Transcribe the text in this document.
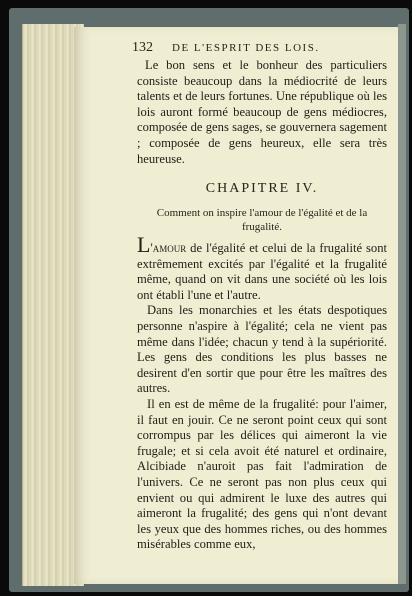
132 DE L'ESPRIT DES LOIS.

Le bon sens et le bonheur des particuliers consiste beaucoup dans la médiocrité de leurs talents et de leurs fortunes. Une république où les lois auront formé beaucoup de gens médiocres, composée de gens sages, se gouvernera sagement ; composée de gens heureux, elle sera très heureuse.

CHAPITRE IV.
Comment on inspire l'amour de l'égalité et de la frugalité.

L'amour de l'égalité et celui de la frugalité sont extrêmement excités par l'égalité et la frugalité même, quand on vit dans une société où les lois ont établi l'une et l'autre.

Dans les monarchies et les états despotiques personne n'aspire à l'égalité; cela ne vient pas même dans l'idée; chacun y tend à la supériorité. Les gens des conditions les plus basses ne desirent d'en sortir que pour être les maîtres des autres.

Il en est de même de la frugalité: pour l'aimer, il faut en jouir. Ce ne seront point ceux qui sont corrompus par les délices qui aimeront la vie frugale; et si cela avoit été naturel et ordinaire, Alcibiade n'auroit pas fait l'admiration de l'univers. Ce ne seront pas non plus ceux qui envient ou qui admirent le luxe des autres qui aimeront la frugalité; des gens qui n'ont devant les yeux que des hommes riches, ou des hommes misérables comme eux,
